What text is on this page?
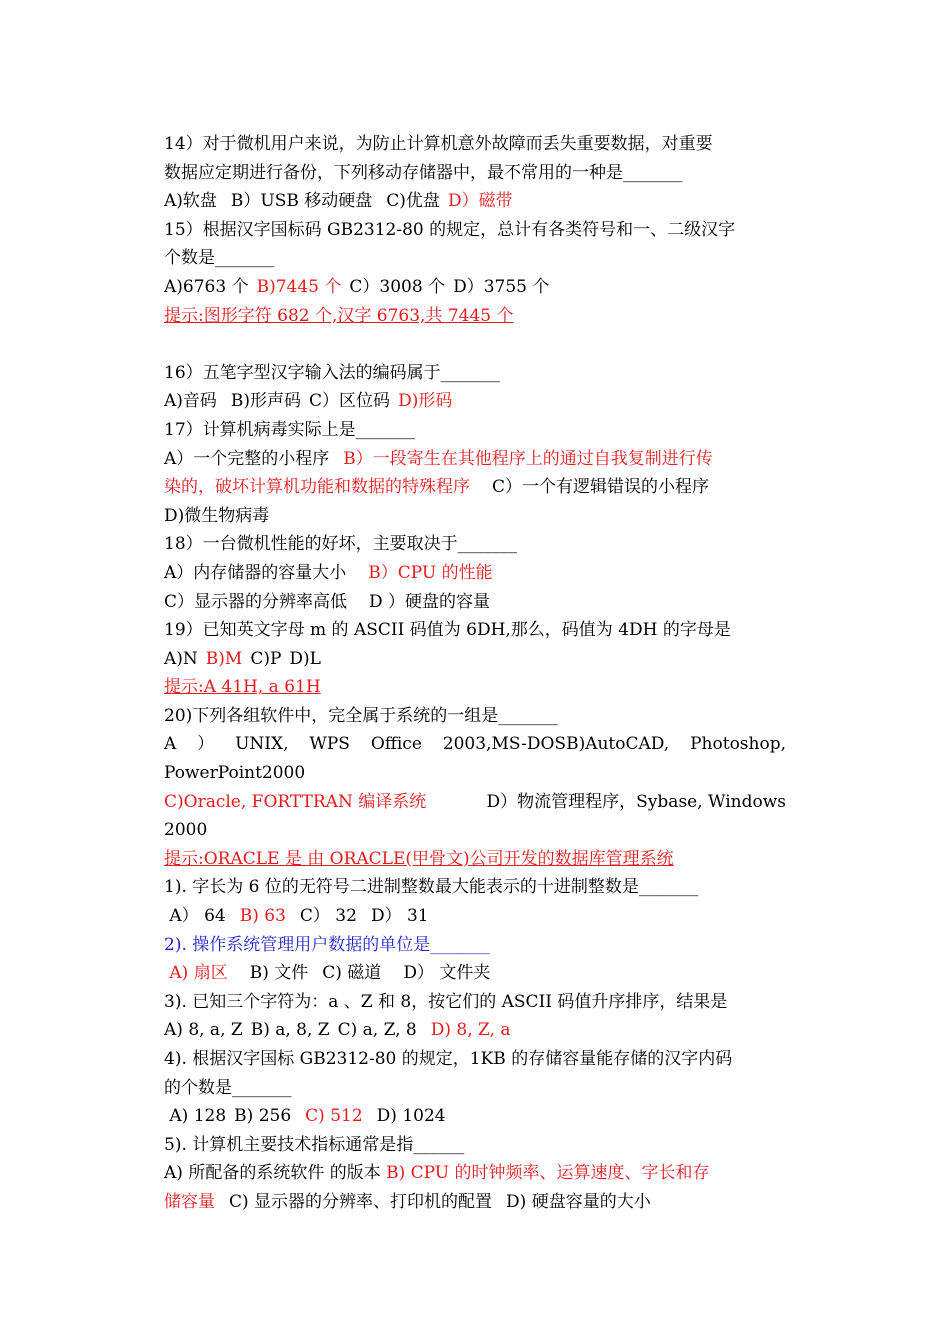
14）对于微机用户来说，为防止计算机意外故障而丢失重要数据，对重要
数据应定期进行备份，下列移动存储器中，最不常用的一种是_______
A)软盘 B）USB 移动硬盘 C)优盘 D）磁带
15）根据汉字国标码 GB2312-80 的规定，总计有各类符号和一、二级汉字
个数是_______
A)6763 个 B)7445 个 C）3008 个 D）3755 个
提示:图形字符 682 个,汉字 6763,共 7445 个
16）五笔字型汉字输入法的编码属于_______
A)音码 B)形声码 C）区位码 D)形码
17）计算机病毒实际上是_______
A）一个完整的小程序 B）一段寄生在其他程序上的通过自我复制进行传
染的，破坏计算机功能和数据的特殊程序 C）一个有逻辑错误的小程序
D)微生物病毒
18）一台微机性能的好坏，主要取决于_______
A）内存储器的容量大小 B）CPU 的性能
C）显示器的分辨率高低 D ）硬盘的容量
19）已知英文字母 m 的 ASCII 码值为 6DH,那么，码值为 4DH 的字母是
A)N B)M C)P D)L
提示:A 41H, a 61H
20)下列各组软件中，完全属于系统的一组是_______
A ） UNIX, WPS Office 2003,MS-DOSB)AutoCAD, Photoshop,
PowerPoint2000
C)Oracle, FORTTRAN 编译系统	D）物流管理程序，Sybase, Windows
2000
提示:ORACLE 是 由 ORACLE(甲骨文)公司开发的数据库管理系统
1). 字长为 6 位的无符号二进制整数最大能表示的十进制整数是_______
A） 64 B) 63 C） 32 D） 31
2). 操作系统管理用户数据的单位是_______
A) 扇区 B) 文件 C) 磁道 D） 文件夹
3). 已知三个字符为：a 、Z 和 8，按它们的 ASCII 码值升序排序，结果是
A) 8, a, Z B) a, 8, Z C) a, Z, 8 D) 8, Z, a
4). 根据汉字国标 GB2312-80 的规定，1KB 的存储容量能存储的汉字内码
的个数是_______
A) 128 B) 256 C) 512 D) 1024
5). 计算机主要技术指标通常是指______
A) 所配备的系统软件 的版本 B) CPU 的时钟频率、运算速度、字长和存
储容量 C) 显示器的分辨率、打印机的配置 D) 硬盘容量的大小
